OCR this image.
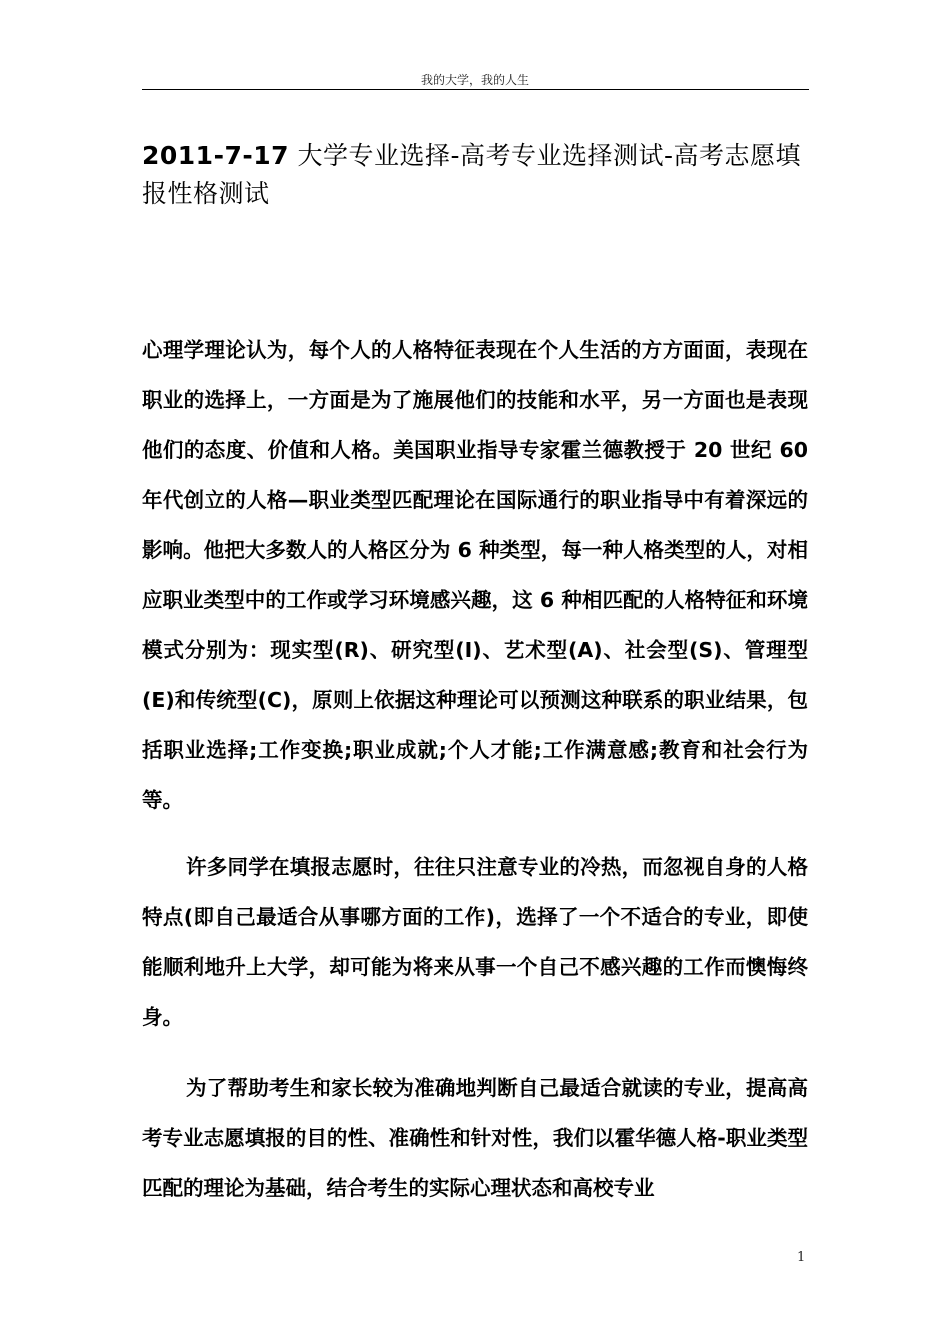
我的大学，我的人生
2011-7-17 大学专业选择-高考专业选择测试-高考志愿填报性格测试

心理学理论认为，每个人的人格特征表现在个人生活的方方面面，表现在职业的选择上，一方面是为了施展他们的技能和水平，另一方面也是表现他们的态度、价值和人格。美国职业指导专家霍兰德教授于 20 世纪 60 年代创立的人格—职业类型匹配理论在国际通行的职业指导中有着深远的影响。他把大多数人的人格区分为 6 种类型，每一种人格类型的人，对相应职业类型中的工作或学习环境感兴趣，这 6 种相匹配的人格特征和环境模式分别为：现实型(R)、研究型(I)、艺术型(A)、社会型(S)、管理型(E)和传统型(C)，原则上依据这种理论可以预测这种联系的职业结果，包括职业选择;工作变换;职业成就;个人才能;工作满意感;教育和社会行为等。

许多同学在填报志愿时，往往只注意专业的冷热，而忽视自身的人格特点(即自己最适合从事哪方面的工作)，选择了一个不适合的专业，即使能顺利地升上大学，却可能为将来从事一个自己不感兴趣的工作而懊悔终身。

为了帮助考生和家长较为准确地判断自己最适合就读的专业，提高高考专业志愿填报的目的性、准确性和针对性，我们以霍华德人格-职业类型匹配的理论为基础，结合考生的实际心理状态和高校专业

1
